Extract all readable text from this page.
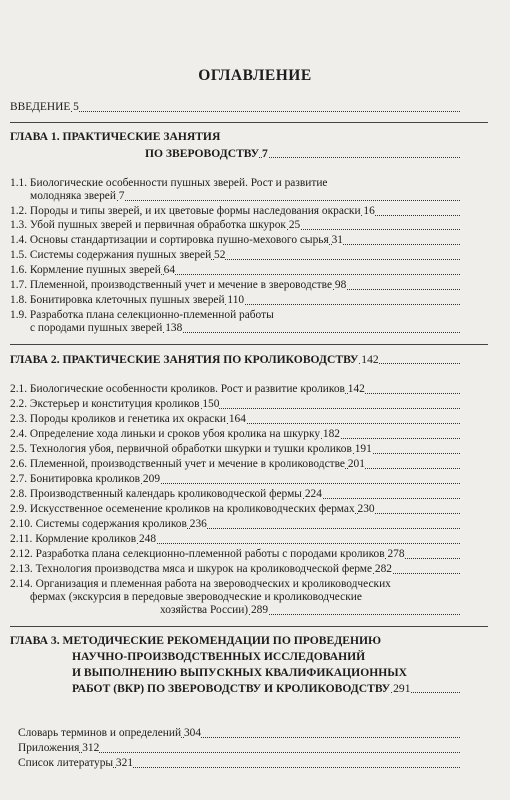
ОГЛАВЛЕНИЕ
ВВЕДЕНИЕ 5
ГЛАВА 1. ПРАКТИЧЕСКИЕ ЗАНЯТИЯ
ПО ЗВЕРОВОДСТВУ 7
1.1. Биологические особенности пушных зверей. Рост и развитие
молодняка зверей 7
1.2. Породы и типы зверей, и их цветовые формы наследования окраски 16
1.3. Убой пушных зверей и первичная обработка шкурок 25
1.4. Основы стандартизации и сортировка пушно-мехового сырья 31
1.5. Системы содержания пушных зверей 52
1.6. Кормление пушных зверей 64
1.7. Племенной, производственный учет и мечение в звероводстве 98
1.8. Бонитировка клеточных пушных зверей 110
1.9. Разработка плана селекционно-племенной работы
с породами пушных зверей 138
ГЛАВА 2. ПРАКТИЧЕСКИЕ ЗАНЯТИЯ ПО КРОЛИКОВОДСТВУ 142
2.1. Биологические особенности кроликов. Рост и развитие кроликов 142
2.2. Экстерьер и конституция кроликов 150
2.3. Породы кроликов и генетика их окраски 164
2.4. Определение хода линьки и сроков убоя кролика на шкурку 182
2.5. Технология убоя, первичной обработки шкурки и тушки кроликов 191
2.6. Племенной, производственный учет и мечение в кролиководстве 201
2.7. Бонитировка кроликов 209
2.8. Производственный календарь кролиководческой фермы 224
2.9. Искусственное осеменение кроликов на кролиководческих фермах 230
2.10. Системы содержания кроликов 236
2.11. Кормление кроликов 248
2.12. Разработка плана селекционно-племенной работы с породами кроликов 278
2.13. Технология производства мяса и шкурок на кролиководческой ферме 282
2.14. Организация и племенная работа на звероводческих и кролиководческих
фермах (экскурсия в передовые звероводческие и кролиководческие
хозяйства России) 289
ГЛАВА 3. МЕТОДИЧЕСКИЕ РЕКОМЕНДАЦИИ ПО ПРОВЕДЕНИЮ
НАУЧНО-ПРОИЗВОДСТВЕННЫХ ИССЛЕДОВАНИЙ
И ВЫПОЛНЕНИЮ ВЫПУСКНЫХ КВАЛИФИКАЦИОННЫХ
РАБОТ (ВКР) ПО ЗВЕРОВОДСТВУ И КРОЛИКОВОДСТВУ 291
Словарь терминов и определений 304
Приложения 312
Список литературы 321
